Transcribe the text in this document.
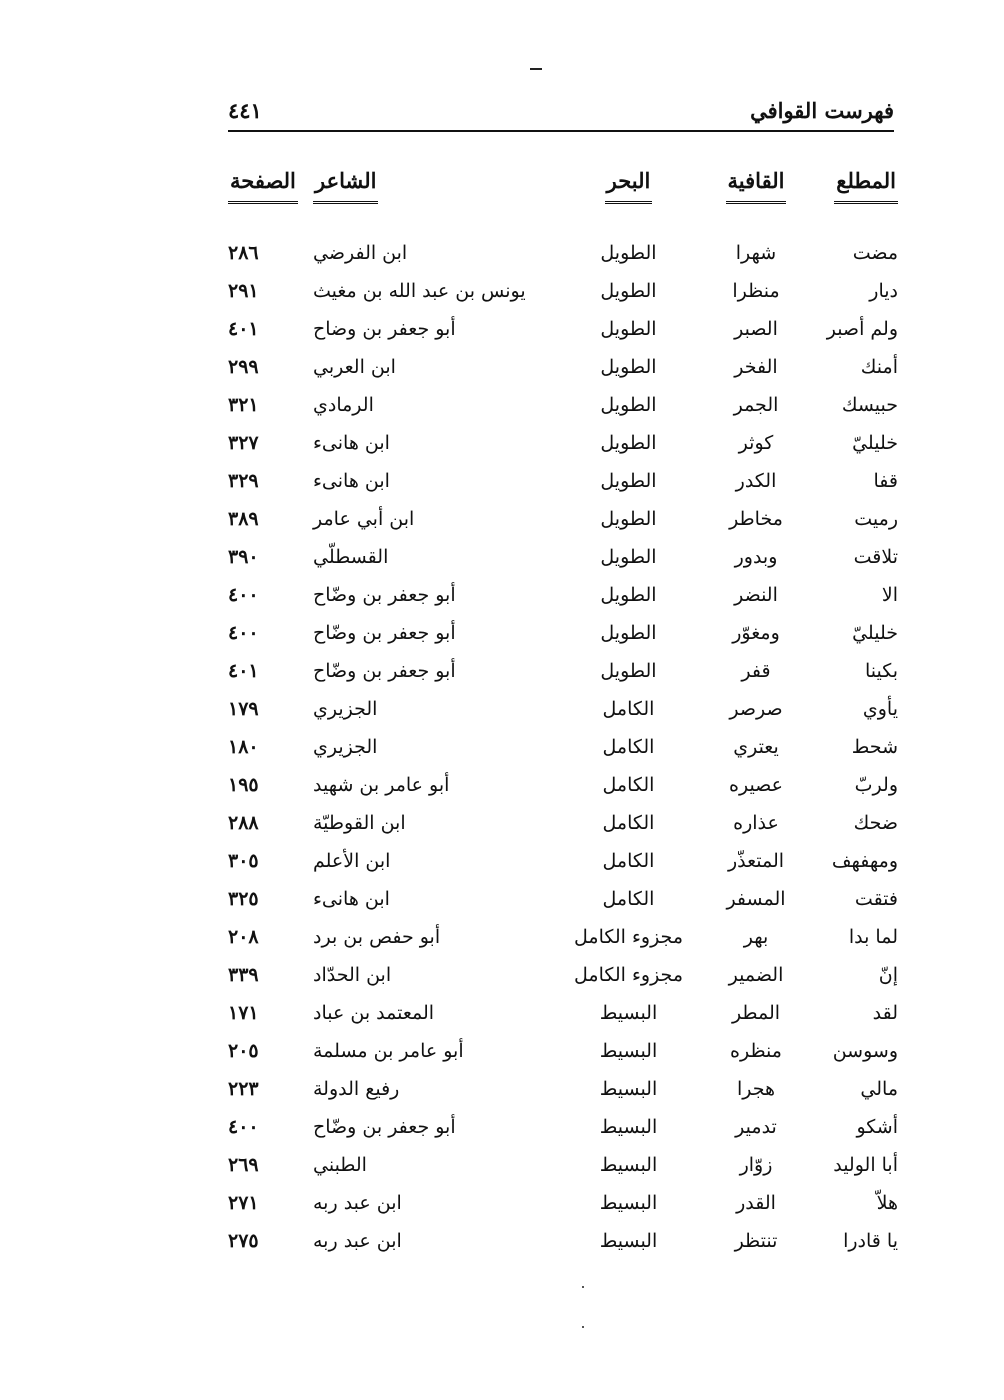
فهرست القوافي
٤٤١
المطلع	القافية	البحر	الشاعر	الصفحة
مضت	شهرا	الطويل	ابن الفرضي	٢٨٦
ديار	منظرا	الطويل	يونس بن عبد الله بن مغيث	٢٩١
ولم أصبر	الصبر	الطويل	أبو جعفر بن وضاح	٤٠١
أمنك	الفخر	الطويل	ابن العربي	٢٩٩
حبيسك	الجمر	الطويل	الرمادي	٣٢١
خليليّ	كوثر	الطويل	ابن هانىء	٣٢٧
قفا	الكدر	الطويل	ابن هانىء	٣٢٩
رميت	مخاطر	الطويل	ابن أبي عامر	٣٨٩
تلاقت	وبدور	الطويل	القسطلّي	٣٩٠
الا	النضر	الطويل	أبو جعفر بن وضّاح	٤٠٠
خليليّ	ومغوّر	الطويل	أبو جعفر بن وضّاح	٤٠٠
بكينا	قفر	الطويل	أبو جعفر بن وضّاح	٤٠١
يأوي	صرصر	الكامل	الجزيري	١٧٩
شحط	يعتري	الكامل	الجزيري	١٨٠
ولربّ	عصيره	الكامل	أبو عامر بن شهيد	١٩٥
ضحك	عذاره	الكامل	ابن القوطيّة	٢٨٨
ومهفهف	المتعذّر	الكامل	ابن الأعلم	٣٠٥
فتقت	المسفر	الكامل	ابن هانىء	٣٢٥
لما بدا	بهر	مجزوء الكامل	أبو حفص بن برد	٢٠٨
إنّ	الضمير	مجزوء الكامل	ابن الحدّاد	٣٣٩
لقد	المطر	البسيط	المعتمد بن عباد	١٧١
وسوسن	منظره	البسيط	أبو عامر بن مسلمة	٢٠٥
مالي	هجرا	البسيط	رفيع الدولة	٢٢٣
أشكو	تدمير	البسيط	أبو جعفر بن وضّاح	٤٠٠
أبا الوليد	زوّار	البسيط	الطبني	٢٦٩
هلاّ	القدر	البسيط	ابن عبد ربه	٢٧١
يا قادرا	تنتظر	البسيط	ابن عبد ربه	٢٧٥
